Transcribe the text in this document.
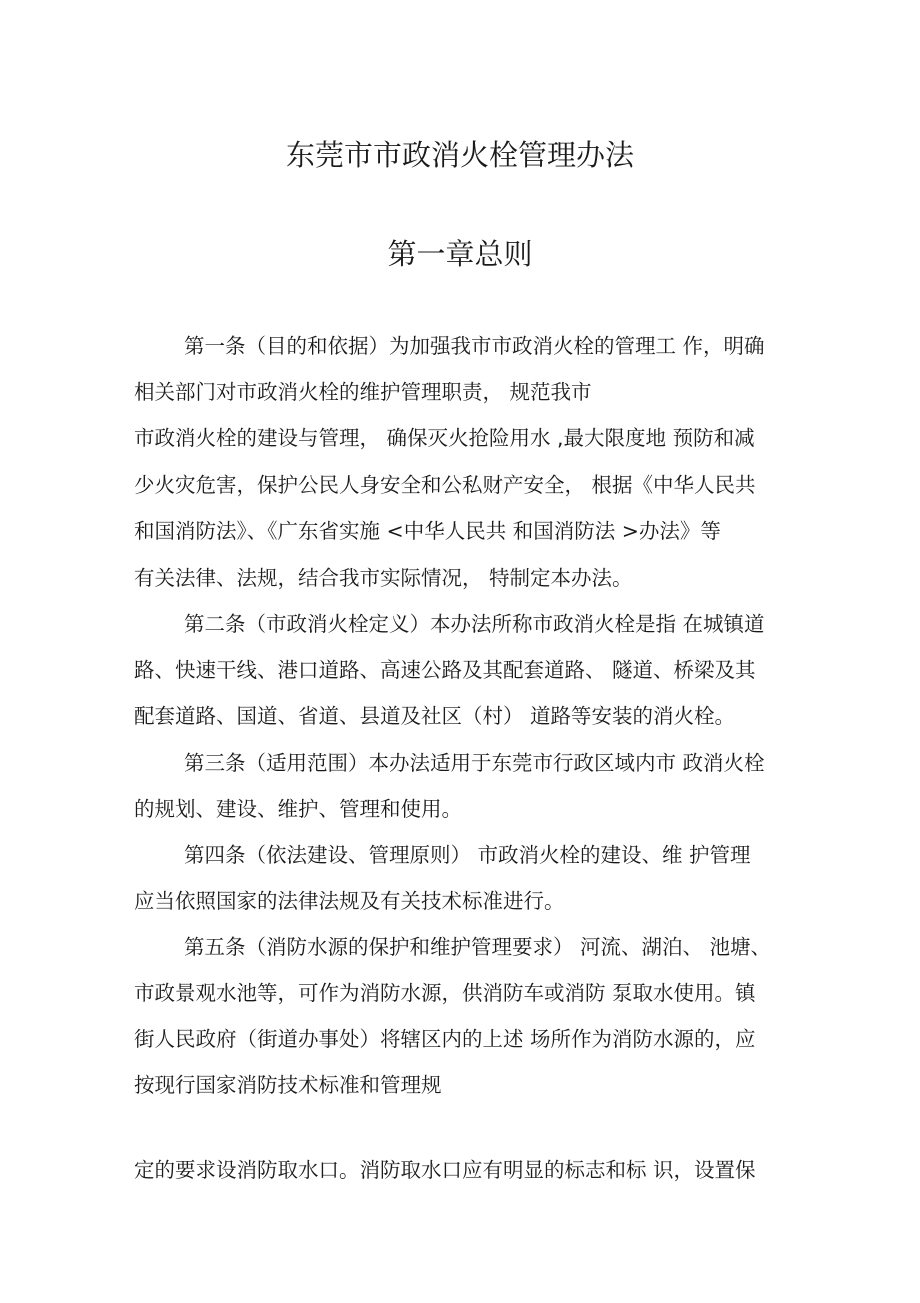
东莞市市政消火栓管理办法
第一章总则
第一条（目的和依据）为加强我市市政消火栓的管理工 作，明确
相关部门对市政消火栓的维护管理职责， 规范我市
市政消火栓的建设与管理， 确保灭火抢险用水 ,最大限度地 预防和减
少火灾危害，保护公民人身安全和公私财产安全， 根据《中华人民共
和国消防法》、《广东省实施 <中华人民共 和国消防法 >办法》等
有关法律、法规，结合我市实际情况， 特制定本办法。
第二条（市政消火栓定义）本办法所称市政消火栓是指 在城镇道
路、快速干线、港口道路、高速公路及其配套道路、 隧道、桥梁及其
配套道路、国道、省道、县道及社区（村） 道路等安装的消火栓。
第三条（适用范围）本办法适用于东莞市行政区域内市 政消火栓
的规划、建设、维护、管理和使用。
第四条（依法建设、管理原则） 市政消火栓的建设、维 护管理
应当依照国家的法律法规及有关技术标准进行。
第五条（消防水源的保护和维护管理要求） 河流、湖泊、 池塘、
市政景观水池等，可作为消防水源，供消防车或消防 泵取水使用。镇
街人民政府（街道办事处）将辖区内的上述 场所作为消防水源的，应
按现行国家消防技术标准和管理规
定的要求设消防取水口。消防取水口应有明显的标志和标 识，设置保
